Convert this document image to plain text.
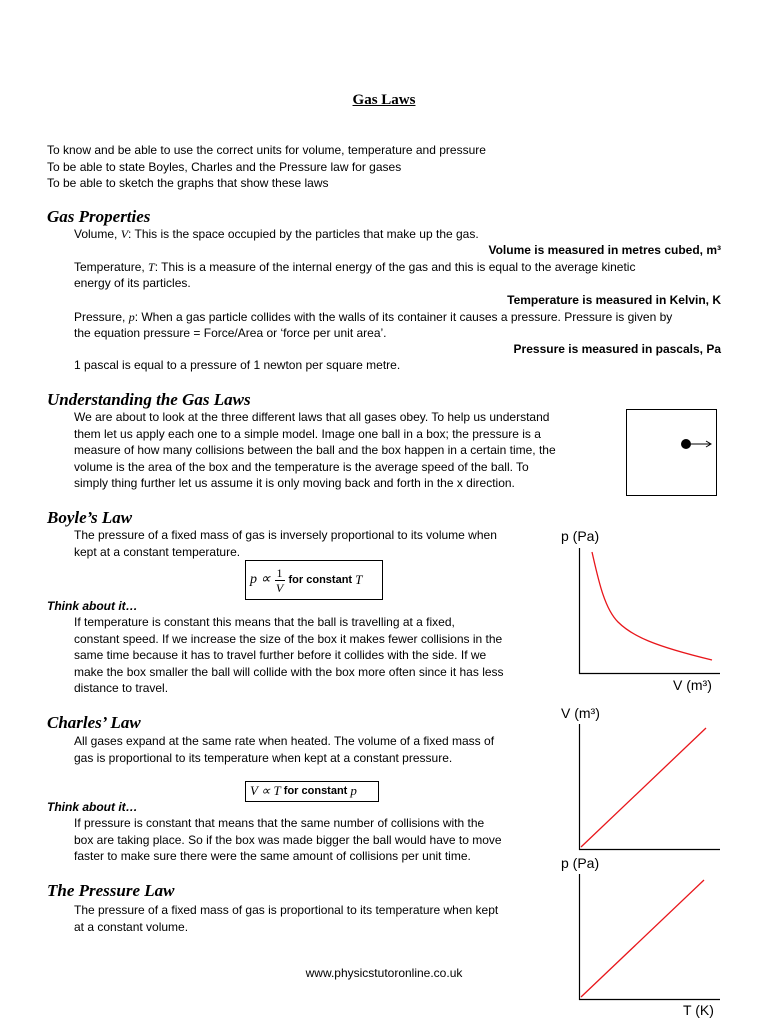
Gas Laws
To know and be able to use the correct units for volume, temperature and pressure
To be able to state Boyles, Charles and the Pressure law for gases
To be able to sketch the graphs that show these laws
Gas Properties
Volume, V: This is the space occupied by the particles that make up the gas.
Volume is measured in metres cubed, m³
Temperature, T: This is a measure of the internal energy of the gas and this is equal to the average kinetic
energy of its particles.
Temperature is measured in Kelvin, K
Pressure, p: When a gas particle collides with the walls of its container it causes a pressure. Pressure is given by
the equation pressure = Force/Area or ‘force per unit area’.
Pressure is measured in pascals, Pa
1 pascal is equal to a pressure of 1 newton per square metre.
Understanding the Gas Laws
We are about to look at the three different laws that all gases obey. To help us understand
them let us apply each one to a simple model. Image one ball in a box; the pressure is a
measure of how many collisions between the ball and the box happen in a certain time, the
volume is the area of the box and the temperature is the average speed of the ball. To
simply thing further let us assume it is only moving back and forth in the x direction.
Boyle’s Law
The pressure of a fixed mass of gas is inversely proportional to its volume when
kept at a constant temperature.
$p \propto \frac{1}{V}$ for constant T
Think about it…
If temperature is constant this means that the ball is travelling at a fixed,
constant speed. If we increase the size of the box it makes fewer collisions in the
same time because it has to travel further before it collides with the side. If we
make the box smaller the ball will collide with the box more often since it has less
distance to travel.
p (Pa)
V (m³)
Charles’ Law
All gases expand at the same rate when heated. The volume of a fixed mass of
gas is proportional to its temperature when kept at a constant pressure.
V ∝ T for constant p
Think about it…
If pressure is constant that means that the same number of collisions with the
box are taking place. So if the box was made bigger the ball would have to move
faster to make sure there were the same amount of collisions per unit time.
V (m³)
The Pressure Law
The pressure of a fixed mass of gas is proportional to its temperature when kept
at a constant volume.
p (Pa)
T (K)
www.physicstutoronline.co.uk
